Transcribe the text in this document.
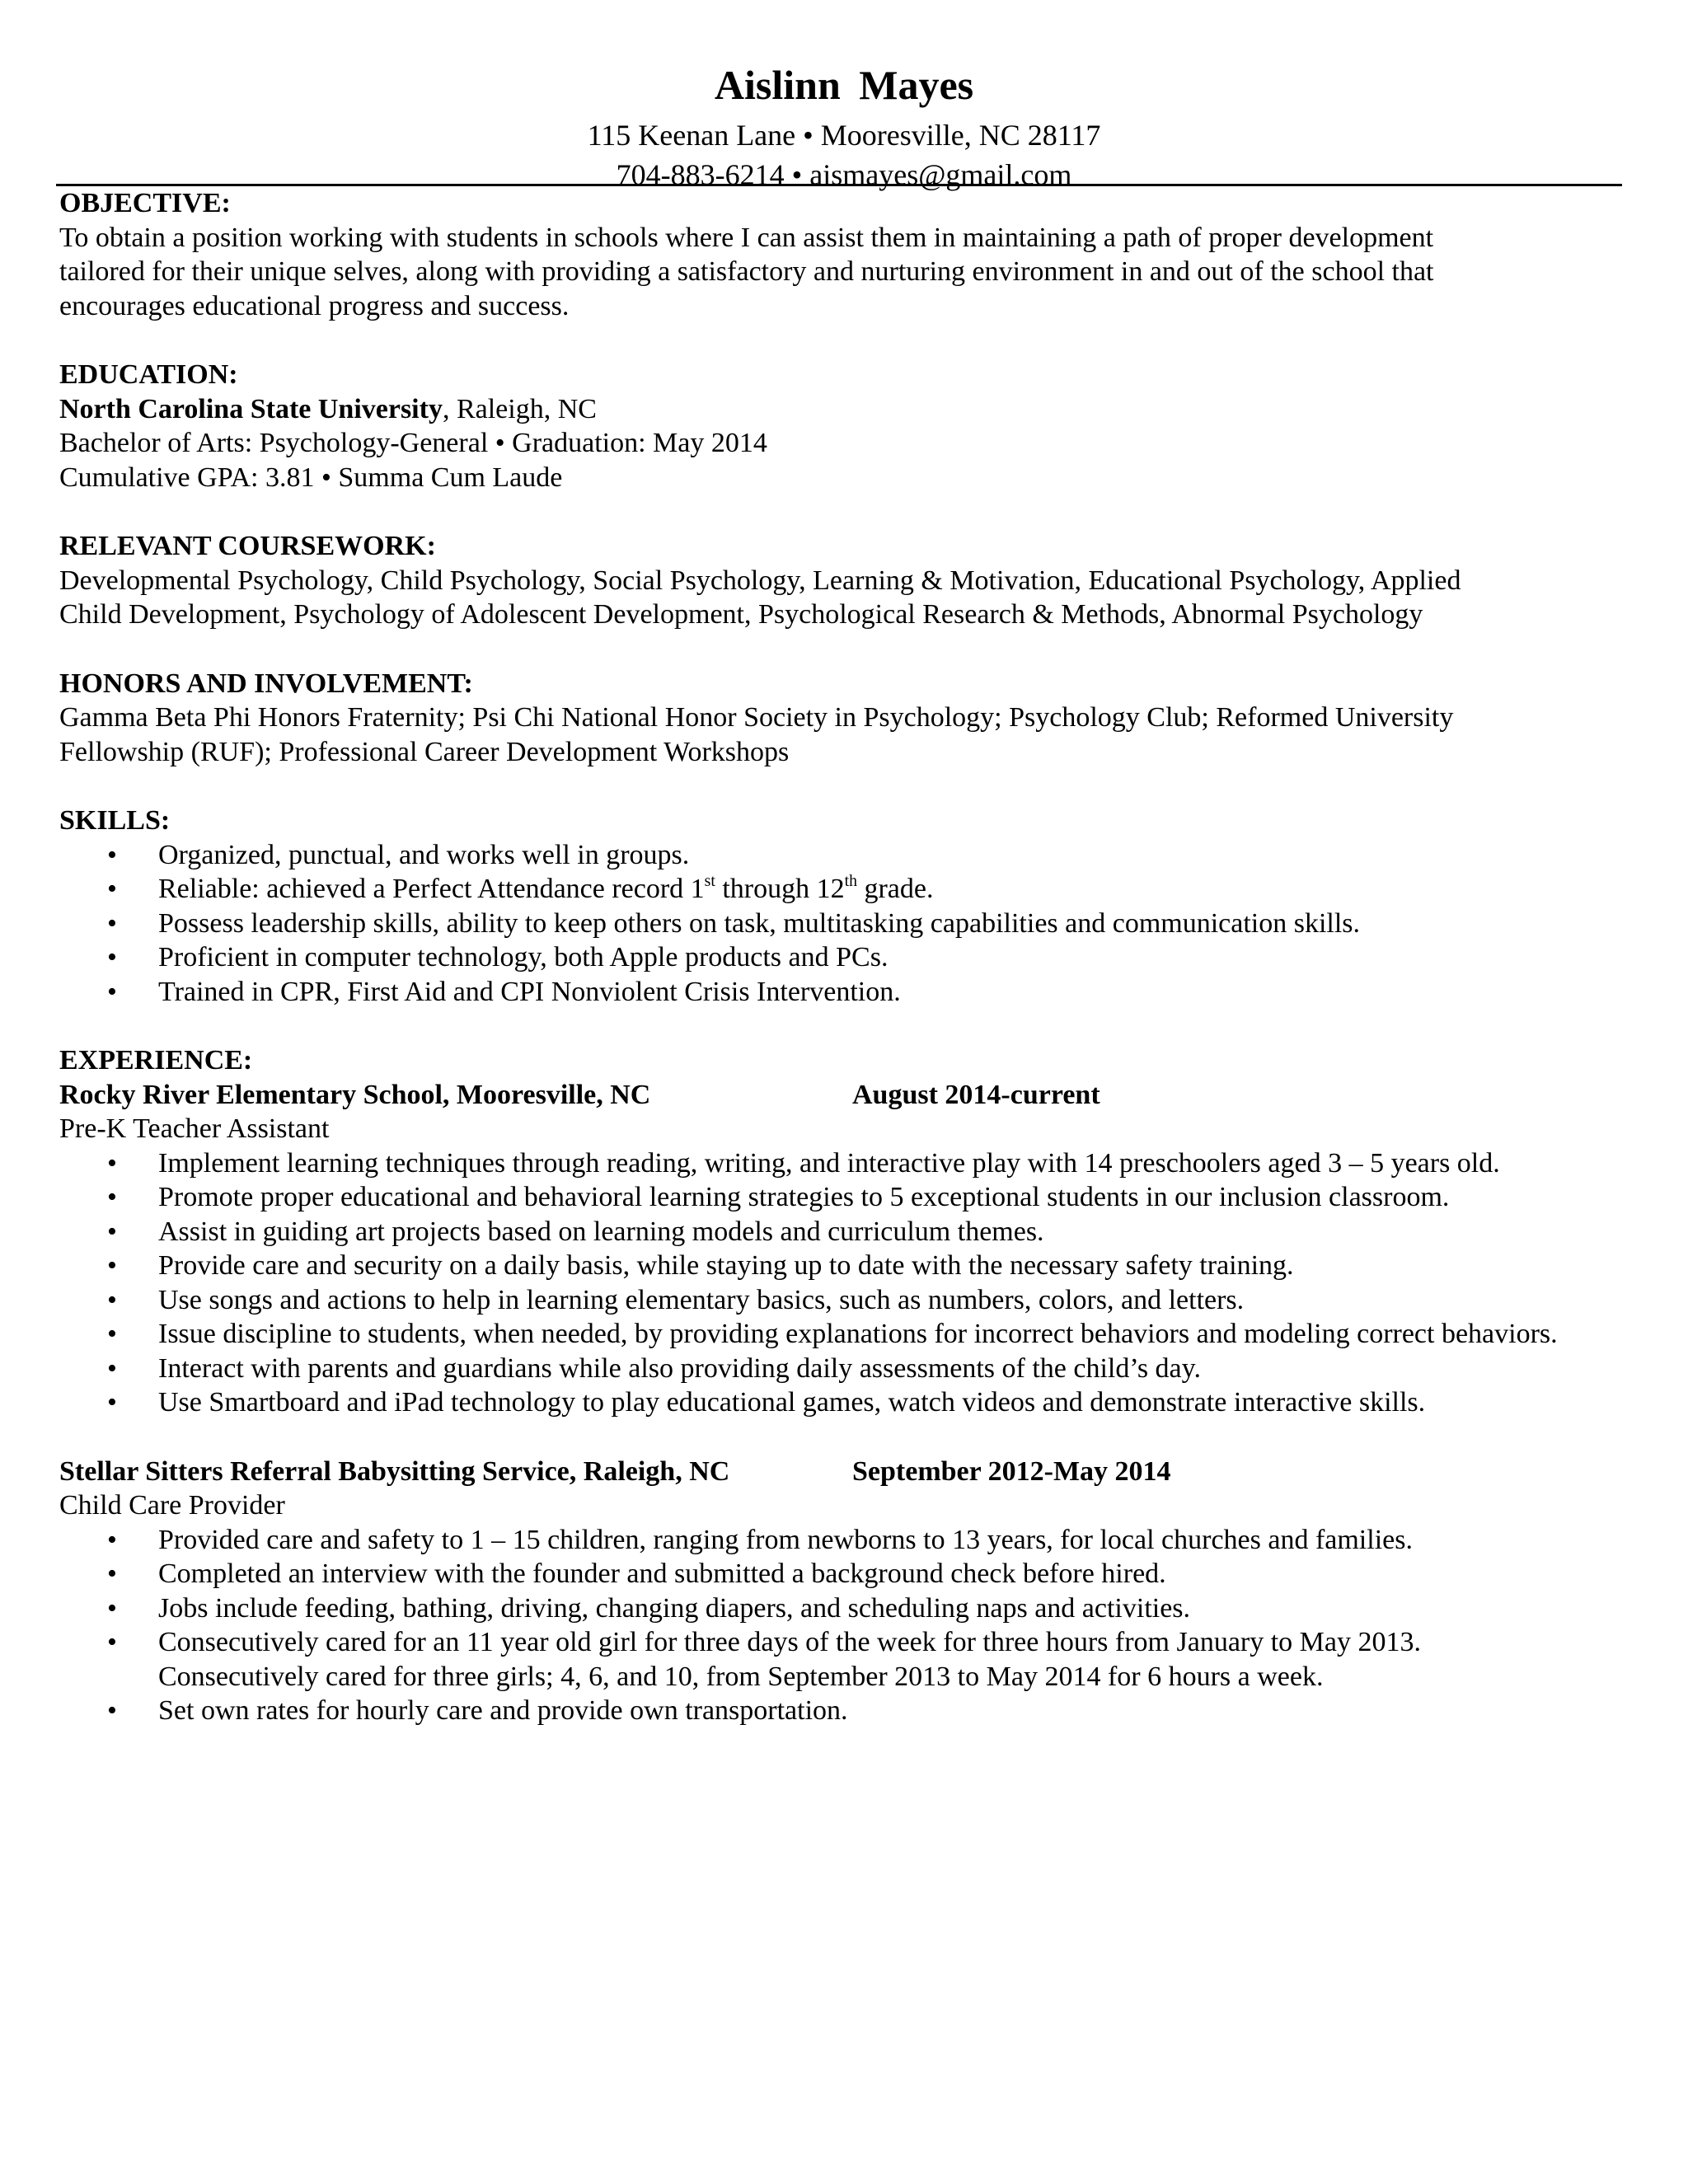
Aislinn Mayes
115 Keenan Lane • Mooresville, NC 28117
704-883-6214 • aismayes@gmail.com

OBJECTIVE:

To obtain a position working with students in schools where I can assist them in maintaining a path of proper development

tailored for their unique selves, along with providing a satisfactory and nurturing environment in and out of the school that

encourages educational progress and success.

EDUCATION:

North Carolina State University, Raleigh, NC

Bachelor of Arts: Psychology-General • Graduation: May 2014

Cumulative GPA: 3.81 • Summa Cum Laude

RELEVANT COURSEWORK:

Developmental Psychology, Child Psychology, Social Psychology, Learning & Motivation, Educational Psychology, Applied

Child Development, Psychology of Adolescent Development, Psychological Research & Methods, Abnormal Psychology

HONORS AND INVOLVEMENT:

Gamma Beta Phi Honors Fraternity; Psi Chi National Honor Society in Psychology; Psychology Club; Reformed University

Fellowship (RUF); Professional Career Development Workshops

SKILLS:

• Organized, punctual, and works well in groups.
• Reliable: achieved a Perfect Attendance record 1st through 12th grade.
• Possess leadership skills, ability to keep others on task, multitasking capabilities and communication skills.
• Proficient in computer technology, both Apple products and PCs.
• Trained in CPR, First Aid and CPI Nonviolent Crisis Intervention.

EXPERIENCE:

Rocky River Elementary School, Mooresville, NC	August 2014-current

Pre-K Teacher Assistant

• Implement learning techniques through reading, writing, and interactive play with 14 preschoolers aged 3 – 5 years old.
• Promote proper educational and behavioral learning strategies to 5 exceptional students in our inclusion classroom.
• Assist in guiding art projects based on learning models and curriculum themes.
• Provide care and security on a daily basis, while staying up to date with the necessary safety training.
• Use songs and actions to help in learning elementary basics, such as numbers, colors, and letters.
• Issue discipline to students, when needed, by providing explanations for incorrect behaviors and modeling correct behaviors.
• Interact with parents and guardians while also providing daily assessments of the child’s day.
• Use Smartboard and iPad technology to play educational games, watch videos and demonstrate interactive skills.
Stellar Sitters Referral Babysitting Service, Raleigh, NC	September 2012-May 2014

Child Care Provider

• Provided care and safety to 1 – 15 children, ranging from newborns to 13 years, for local churches and families.
• Completed an interview with the founder and submitted a background check before hired.
• Jobs include feeding, bathing, driving, changing diapers, and scheduling naps and activities.
• Consecutively cared for an 11 year old girl for three days of the week for three hours from January to May 2013. Consecutively cared for three girls; 4, 6, and 10, from September 2013 to May 2014 for 6 hours a week.
• Set own rates for hourly care and provide own transportation.
